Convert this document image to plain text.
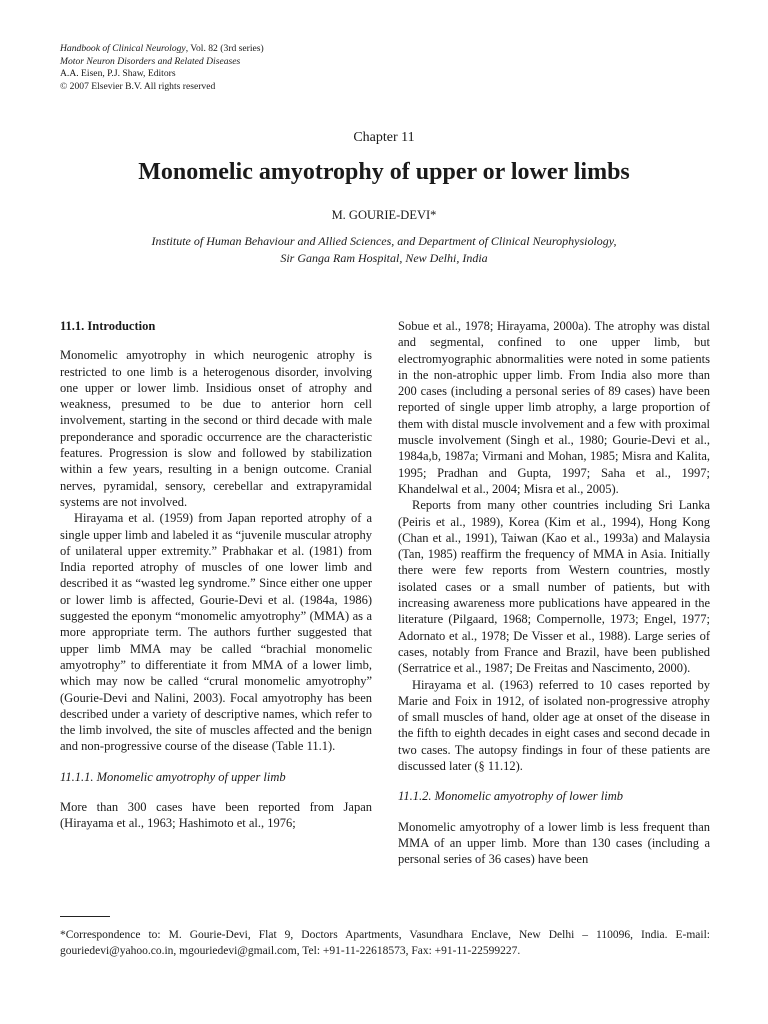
Handbook of Clinical Neurology, Vol. 82 (3rd series)
Motor Neuron Disorders and Related Diseases
A.A. Eisen, P.J. Shaw, Editors
© 2007 Elsevier B.V. All rights reserved
Chapter 11
Monomelic amyotrophy of upper or lower limbs
M. GOURIE-DEVI*
Institute of Human Behaviour and Allied Sciences, and Department of Clinical Neurophysiology,
Sir Ganga Ram Hospital, New Delhi, India

11.1. Introduction

Monomelic amyotrophy in which neurogenic atrophy is restricted to one limb is a heterogenous disorder, involving one upper or lower limb. Insidious onset of atrophy and weakness, presumed to be due to anterior horn cell involvement, starting in the second or third decade with male preponderance and sporadic occurrence are the characteristic features. Progression is slow and followed by stabilization within a few years, resulting in a benign outcome. Cranial nerves, pyramidal, sensory, cerebellar and extrapyramidal systems are not involved.

Hirayama et al. (1959) from Japan reported atrophy of a single upper limb and labeled it as “juvenile muscular atrophy of unilateral upper extremity.” Prabhakar et al. (1981) from India reported atrophy of muscles of one lower limb and described it as “wasted leg syndrome.” Since either one upper or lower limb is affected, Gourie-Devi et al. (1984a, 1986) suggested the eponym “monomelic amyotrophy” (MMA) as a more appropriate term. The authors further suggested that upper limb MMA may be called “brachial monomelic amyotrophy” to differentiate it from MMA of a lower limb, which may now be called “crural monomelic amyotrophy” (Gourie-Devi and Nalini, 2003). Focal amyotrophy has been described under a variety of descriptive names, which refer to the limb involved, the site of muscles affected and the benign and non-progressive course of the disease (Table 11.1).

11.1.1. Monomelic amyotrophy of upper limb

More than 300 cases have been reported from Japan (Hirayama et al., 1963; Hashimoto et al., 1976;

Sobue et al., 1978; Hirayama, 2000a). The atrophy was distal and segmental, confined to one upper limb, but electromyographic abnormalities were noted in some patients in the non-atrophic upper limb. From India also more than 200 cases (including a personal series of 89 cases) have been reported of single upper limb atrophy, a large proportion of them with distal muscle involvement and a few with proximal muscle involvement (Singh et al., 1980; Gourie-Devi et al., 1984a,b, 1987a; Virmani and Mohan, 1985; Misra and Kalita, 1995; Pradhan and Gupta, 1997; Saha et al., 1997; Khandelwal et al., 2004; Misra et al., 2005).

Reports from many other countries including Sri Lanka (Peiris et al., 1989), Korea (Kim et al., 1994), Hong Kong (Chan et al., 1991), Taiwan (Kao et al., 1993a) and Malaysia (Tan, 1985) reaffirm the frequency of MMA in Asia. Initially there were few reports from Western countries, mostly isolated cases or a small number of patients, but with increasing awareness more publications have appeared in the literature (Pilgaard, 1968; Compernolle, 1973; Engel, 1977; Adornato et al., 1978; De Visser et al., 1988). Large series of cases, notably from France and Brazil, have been published (Serratrice et al., 1987; De Freitas and Nascimento, 2000).

Hirayama et al. (1963) referred to 10 cases reported by Marie and Foix in 1912, of isolated non-progressive atrophy of small muscles of hand, older age at onset of the disease in the fifth to eighth decades in eight cases and second decade in two cases. The autopsy findings in four of these patients are discussed later (§ 11.12).

11.1.2. Monomelic amyotrophy of lower limb

Monomelic amyotrophy of a lower limb is less frequent than MMA of an upper limb. More than 130 cases (including a personal series of 36 cases) have been

*Correspondence to: M. Gourie-Devi, Flat 9, Doctors Apartments, Vasundhara Enclave, New Delhi – 110096, India. E-mail: gouriedevi@yahoo.co.in, mgouriedevi@gmail.com, Tel: +91-11-22618573, Fax: +91-11-22599227.
